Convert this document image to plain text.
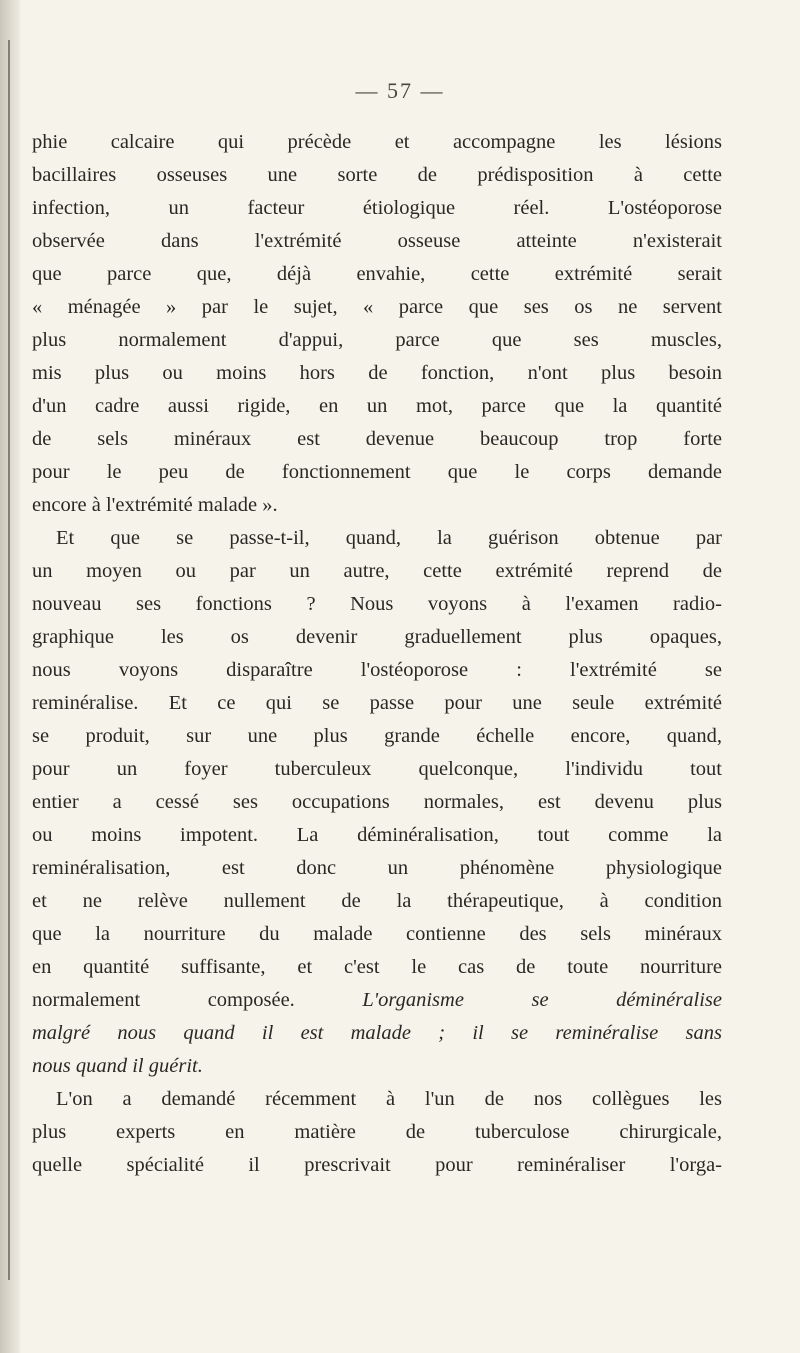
— 57 —
phie calcaire qui précède et accompagne les lésions
bacillaires osseuses une sorte de prédisposition à cette
infection, un facteur étiologique réel. L'ostéoporose
observée dans l'extrémité osseuse atteinte n'existerait
que parce que, déjà envahie, cette extrémité serait
« ménagée » par le sujet, « parce que ses os ne servent
plus normalement d'appui, parce que ses muscles,
mis plus ou moins hors de fonction, n'ont plus besoin
d'un cadre aussi rigide, en un mot, parce que la quantité
de sels minéraux est devenue beaucoup trop forte
pour le peu de fonctionnement que le corps demande
encore à l'extrémité malade ».
Et que se passe-t-il, quand, la guérison obtenue par
un moyen ou par un autre, cette extrémité reprend de
nouveau ses fonctions ? Nous voyons à l'examen radio-
graphique les os devenir graduellement plus opaques,
nous voyons disparaître l'ostéoporose : l'extrémité se
reminéralise. Et ce qui se passe pour une seule extrémité
se produit, sur une plus grande échelle encore, quand,
pour un foyer tuberculeux quelconque, l'individu tout
entier a cessé ses occupations normales, est devenu plus
ou moins impotent. La déminéralisation, tout comme la
reminéralisation, est donc un phénomène physiologique
et ne relève nullement de la thérapeutique, à condition
que la nourriture du malade contienne des sels minéraux
en quantité suffisante, et c'est le cas de toute nourriture
normalement composée. L'organisme se déminéralise
malgré nous quand il est malade ; il se reminéralise sans
nous quand il guérit.
L'on a demandé récemment à l'un de nos collègues les
plus experts en matière de tuberculose chirurgicale,
quelle spécialité il prescrivait pour reminéraliser l'orga-
